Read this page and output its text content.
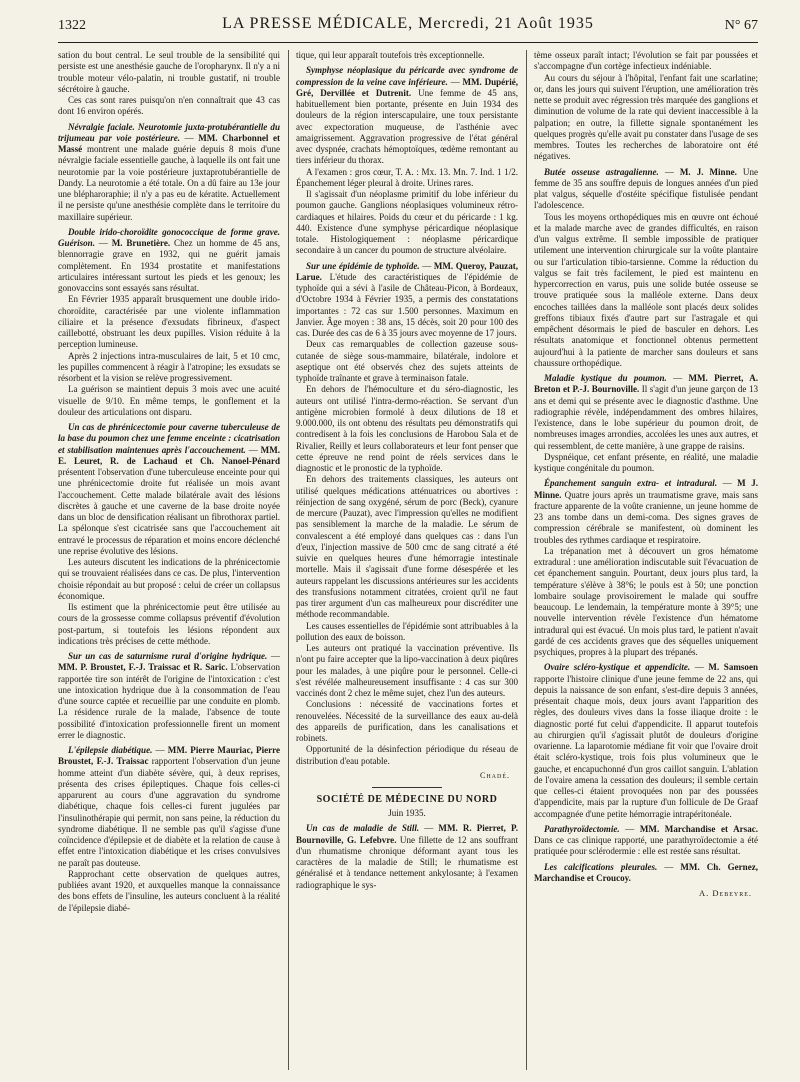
1322	LA PRESSE MÉDICALE, Mercredi, 21 Août 1935	N° 67

sation du bout central. Le seul trouble de la sensibilité qui persiste est une anesthésie gauche de l'oropharynx. Il n'y a ni trouble moteur vélo-palatin, ni trouble gustatif, ni trouble sécrétoire à gauche.

Ces cas sont rares puisqu'on n'en connaîtrait que 43 cas dont 16 environ opérés.

Névralgie faciale. Neurotomie juxta-protubérantielle du trijumeau par voie postérieure. — MM. Charbonnel et Massé montrent une malade guérie depuis 8 mois d'une névralgie faciale essentielle gauche, à laquelle ils ont fait une neurotomie par la voie postérieure juxtaprotubérantielle de Dandy. La neurotomie a été totale. On a dû faire au 13e jour une blépharoraphie; il n'y a pas eu de kératite. Actuellement il ne persiste qu'une anesthésie complète dans le territoire du maxillaire supérieur.

Double irido-choroïdite gonococcique de forme grave. Guérison. — M. Brunetière. Chez un homme de 45 ans, blennorragie grave en 1932, qui ne guérit jamais complètement. En 1934 prostatite et manifestations articulaires intéressant surtout les pieds et les genoux; les gonovaccins sont essayés sans résultat.

En Février 1935 apparaît brusquement une double irido-choroïdite, caractérisée par une violente inflammation ciliaire et la présence d'exsudats fibrineux, d'aspect caillebotté, obstruant les deux pupilles. Vision réduite à la perception lumineuse.

Après 2 injections intra-musculaires de lait, 5 et 10 cmc, les pupilles commencent à réagir à l'atropine; les exsudats se résorbent et la vision se relève progressivement.

La guérison se maintient depuis 3 mois avec une acuité visuelle de 9/10. En même temps, le gonflement et la douleur des articulations ont disparu.

Un cas de phrénicectomie pour caverne tuberculeuse de la base du poumon chez une femme enceinte : cicatrisation et stabilisation maintenues après l'accouchement. — MM. E. Leuret, R. de Lachaud et Ch. Nanoel-Pénard présentent l'observation d'une tuberculeuse enceinte pour qui une phrénicectomie droite fut réalisée un mois avant l'accouchement. Cette malade bilatérale avait des lésions discrètes à gauche et une caverne de la base droite noyée dans un bloc de densification réalisant un fibrothorax partiel. La spélonque s'est cicatrisée sans que l'accouchement ait entravé le processus de réparation et moins encore déclenché une reprise évolutive des lésions.

Les auteurs discutent les indications de la phrénicectomie qui se trouvaient réalisées dans ce cas. De plus, l'intervention choisie répondait au but proposé : celui de créer un collapsus économique.

Ils estiment que la phrénicectomie peut être utilisée au cours de la grossesse comme collapsus préventif d'évolution post-partum, si toutefois les lésions répondent aux indications très précises de cette méthode.

Sur un cas de saturnisme rural d'origine hydrique. — MM. P. Broustet, F.-J. Traissac et R. Saric. L'observation rapportée tire son intérêt de l'origine de l'intoxication : c'est une intoxication hydrique due à la consommation de l'eau d'une source captée et recueillie par une conduite en plomb. La résidence rurale de la malade, l'absence de toute possibilité d'intoxication professionnelle firent un moment errer le diagnostic.

L'épilepsie diabétique. — MM. Pierre Mauriac, Pierre Broustet, F.-J. Traissac rapportent l'observation d'un jeune homme atteint d'un diabète sévère, qui, à deux reprises, présenta des crises épileptiques. Chaque fois celles-ci apparurent au cours d'une aggravation du syndrome diabétique, chaque fois celles-ci furent jugulées par l'insulinothérapie qui permit, non sans peine, la réduction du syndrome diabétique. Il ne semble pas qu'il s'agisse d'une coïncidence d'épilepsie et de diabète et la relation de cause à effet entre l'intoxication diabétique et les crises convulsives ne paraît pas douteuse.

Rapprochant cette observation de quelques autres, publiées avant 1920, et auxquelles manque la connaissance des bons effets de l'insuline, les auteurs concluent à la réalité de l'épilepsie diabé-

tique, qui leur apparaît toutefois très exceptionnelle.

Symphyse néoplasique du péricarde avec syndrome de compression de la veine cave inférieure. — MM. Dupérié, Gré, Dervillée et Dutrenit. Une femme de 45 ans, habituellement bien portante, présente en Juin 1934 des douleurs de la région interscapulaire, une toux persistante avec expectoration muqueuse, de l'asthénie avec amaigrissement. Aggravation progressive de l'état général avec dyspnée, crachats hémoptoïques, œdème remontant au tiers inférieur du thorax.

A l'examen : gros cœur, T. A. : Mx. 13. Mn. 7. Ind. 1 1/2. Épanchement léger pleural à droite. Urines rares.

Il s'agissait d'un néoplasme primitif du lobe inférieur du poumon gauche. Ganglions néoplasiques volumineux rétro-cardiaques et hilaires. Poids du cœur et du péricarde : 1 kg. 440. Existence d'une symphyse péricardique néoplasique totale. Histologiquement : néoplasme péricardique secondaire à un cancer du poumon de structure alvéolaire.

Sur une épidémie de typhoïde. — MM. Queroy, Pauzat, Larue. L'étude des caractéristiques de l'épidémie de typhoïde qui a sévi à l'asile de Château-Picon, à Bordeaux, d'Octobre 1934 à Février 1935, a permis des constatations importantes : 72 cas sur 1.500 personnes. Maximum en Janvier. Âge moyen : 38 ans, 15 décès, soit 20 pour 100 des cas. Durée des cas de 6 à 35 jours avec moyenne de 17 jours.

Deux cas remarquables de collection gazeuse sous-cutanée de siège sous-mammaire, bilatérale, indolore et aseptique ont été observés chez des sujets atteints de typhoïde traînante et grave à terminaison fatale.

En dehors de l'hémoculture et du séro-diagnostic, les auteurs ont utilisé l'intra-dermo-réaction. Se servant d'un antigène microbien formolé à deux dilutions de 18 et 9.000.000, ils ont obtenu des résultats peu démonstratifs qui contredisent à la fois les conclusions de Harobou Sala et de Rivalier, Reilly et leurs collaborateurs et leur font penser que cette épreuve ne rend point de réels services dans le diagnostic et le pronostic de la typhoïde.

En dehors des traitements classiques, les auteurs ont utilisé quelques médications atténuatrices ou abortives : réinjection de sang oxygéné, sérum de porc (Beck), cyanure de mercure (Pauzat), avec l'impression qu'elles ne modifient pas sensiblement la marche de la maladie. Le sérum de convalescent a été employé dans quelques cas : dans l'un d'eux, l'injection massive de 500 cmc de sang citraté a été suivie en quelques heures d'une hémorragie intestinale mortelle. Mais il s'agissait d'une forme désespérée et les auteurs rappelant les discussions antérieures sur les accidents des transfusions notamment citratées, croient qu'il ne faut pas tirer argument d'un cas malheureux pour discréditer une méthode recommandable.

Les causes essentielles de l'épidémie sont attribuables à la pollution des eaux de boisson.

Les auteurs ont pratiqué la vaccination préventive. Ils n'ont pu faire accepter que la lipo-vaccination à deux piqûres pour les malades, à une piqûre pour le personnel. Celle-ci s'est révélée malheureusement insuffisante : 4 cas sur 300 vaccinés dont 2 chez le même sujet, chez l'un des auteurs.

Conclusions : nécessité de vaccinations fortes et renouvelées. Nécessité de la surveillance des eaux au-delà des appareils de purification, dans les canalisations et robinets.

Opportunité de la désinfection périodique du réseau de distribution d'eau potable.

Chadé.
SOCIÉTÉ DE MÉDECINE DU NORD
Juin 1935.

Un cas de maladie de Still. — MM. R. Pierret, P. Bournoville, G. Lefebvre. Une fillette de 12 ans souffrant d'un rhumatisme chronique déformant ayant tous les caractères de la maladie de Still; le rhumatisme est généralisé et à tendance nettement ankylosante; à l'examen radiographique le sys-

tème osseux paraît intact; l'évolution se fait par poussées et s'accompagne d'un cortège infectieux indéniable.

Au cours du séjour à l'hôpital, l'enfant fait une scarlatine; or, dans les jours qui suivent l'éruption, une amélioration très nette se produit avec régression très marquée des ganglions et diminution de volume de la rate qui devient inaccessible à la palpation; en outre, la fillette signale spontanément les quelques progrès qu'elle avait pu constater dans l'usage de ses membres. Toutes les recherches de laboratoire ont été négatives.

Butée osseuse astragalienne. — M. J. Minne. Une femme de 35 ans souffre depuis de longues années d'un pied plat valgus, séquelle d'ostéite spécifique fistulisée pendant l'adolescence.

Tous les moyens orthopédiques mis en œuvre ont échoué et la malade marche avec de grandes difficultés, en raison d'un valgus extrême. Il semble impossible de pratiquer utilement une intervention chirurgicale sur la voûte plantaire ou sur l'articulation tibio-tarsienne. Comme la réduction du valgus se fait très facilement, le pied est maintenu en hypercorrection en varus, puis une solide butée osseuse se trouve pratiquée sous la malléole externe. Dans deux encoches taillées dans la malléole sont placés deux solides greffons tibiaux fixés d'autre part sur l'astragale et qui empêchent désormais le pied de basculer en dehors. Les résultats anatomique et fonctionnel obtenus permettent aujourd'hui à la patiente de marcher sans douleurs et sans chaussure orthopédique.

Maladie kystique du poumon. — MM. Pierret, A. Breton et P.-J. Bournoville. Il s'agit d'un jeune garçon de 13 ans et demi qui se présente avec le diagnostic d'asthme. Une radiographie révèle, indépendamment des ombres hilaires, l'existence, dans le lobe supérieur du poumon droit, de nombreuses images arrondies, accolées les unes aux autres, et qui ressemblent, de cette manière, à une grappe de raisins.

Dyspnéique, cet enfant présente, en réalité, une maladie kystique congénitale du poumon.

Épanchement sanguin extra- et intradural. — M J. Minne. Quatre jours après un traumatisme grave, mais sans fracture apparente de la voûte cranienne, un jeune homme de 23 ans tombe dans un demi-coma. Des signes graves de compression cérébrale se manifestent, où dominent les troubles des rythmes cardiaque et respiratoire.

La trépanation met à découvert un gros hématome extradural : une amélioration indiscutable suit l'évacuation de cet épanchement sanguin. Pourtant, deux jours plus tard, la température s'élève à 38°6; le pouls est à 50; une ponction lombaire soulage provisoirement le malade qui souffre beaucoup. Le lendemain, la température monte à 39°5; une nouvelle intervention révèle l'existence d'un hématome intradural qui est évacué. Un mois plus tard, le patient n'avait gardé de ces accidents graves que des séquelles uniquement psychiques, propres à la plupart des trépanés.

Ovaire scléro-kystique et appendicite. — M. Samsoen rapporte l'histoire clinique d'une jeune femme de 22 ans, qui depuis la naissance de son enfant, s'est-dire depuis 3 années, présentait chaque mois, deux jours avant l'apparition des règles, des douleurs vives dans la fosse iliaque droite : le diagnostic porté fut celui d'appendicite. Il apparut toutefois au chirurgien qu'il s'agissait plutôt de douleurs d'origine ovarienne. La laparotomie médiane fit voir que l'ovaire droit était scléro-kystique, trois fois plus volumineux que le gauche, et encapuchonné d'un gros caillot sanguin. L'ablation de l'ovaire amena la cessation des douleurs; il semble certain que celles-ci étaient provoquées non par des poussées d'appendicite, mais par la rupture d'un follicule de De Graaf accompagnée d'une petite hémorragie intrapéritonéale.

Parathyroïdectomie. — MM. Marchandise et Arsac. Dans ce cas clinique rapporté, une parathyroïdectomie a été pratiquée pour sclérodermie : elle est restée sans résultat.

Les calcifications pleurales. — MM. Ch. Gernez, Marchandise et Croucoy.

A. Debeyre.
